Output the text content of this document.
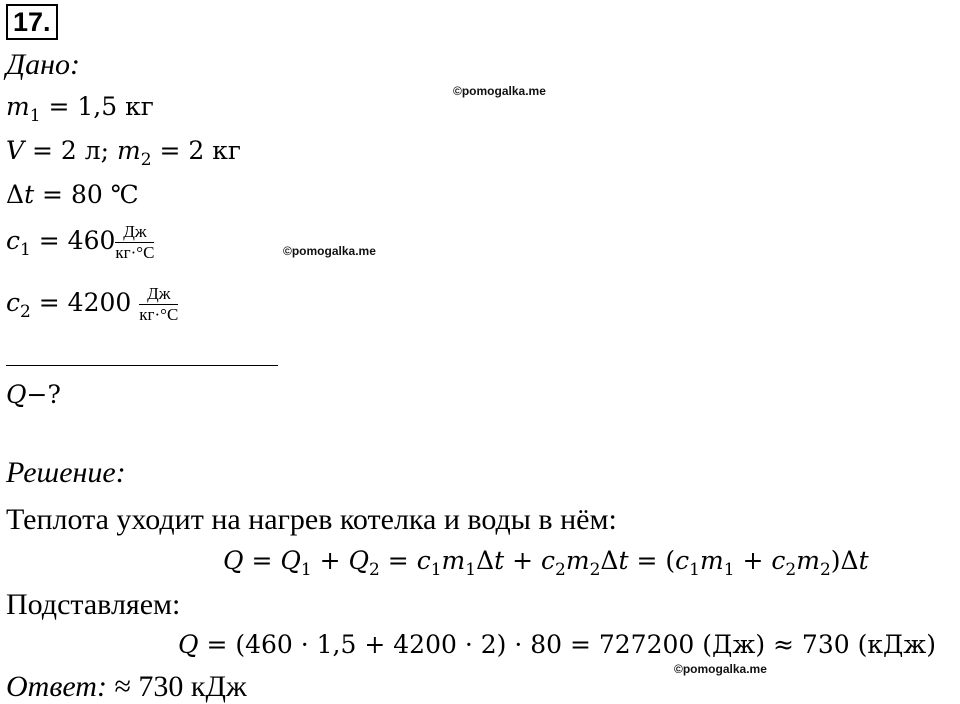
17.
Дано:
©pomogalka.me
$m_1 = 1,5$ кг
V = 2 л; $m_2 = 2$ кг
Δt = 80 ℃
©pomogalka.me
$c_1 = 460 \frac{Дж}{кг\cdot^\circ С}$
$c_2 = 4200 \frac{Дж}{кг\cdot^\circ С}$
Q−?
Решение:
Теплота уходит на нагрев котелка и воды в нём:
$Q = Q_1 + Q_2 = c_1m_1\Delta t + c_2m_2\Delta t = (c_1m_1 + c_2m_2)\Delta t$
Подставляем:
Q = (460 · 1,5 + 4200 · 2) · 80 = 727200 (Дж) ≈ 730 (кДж)
©pomogalka.me
Ответ: ≈ 730 кДж
